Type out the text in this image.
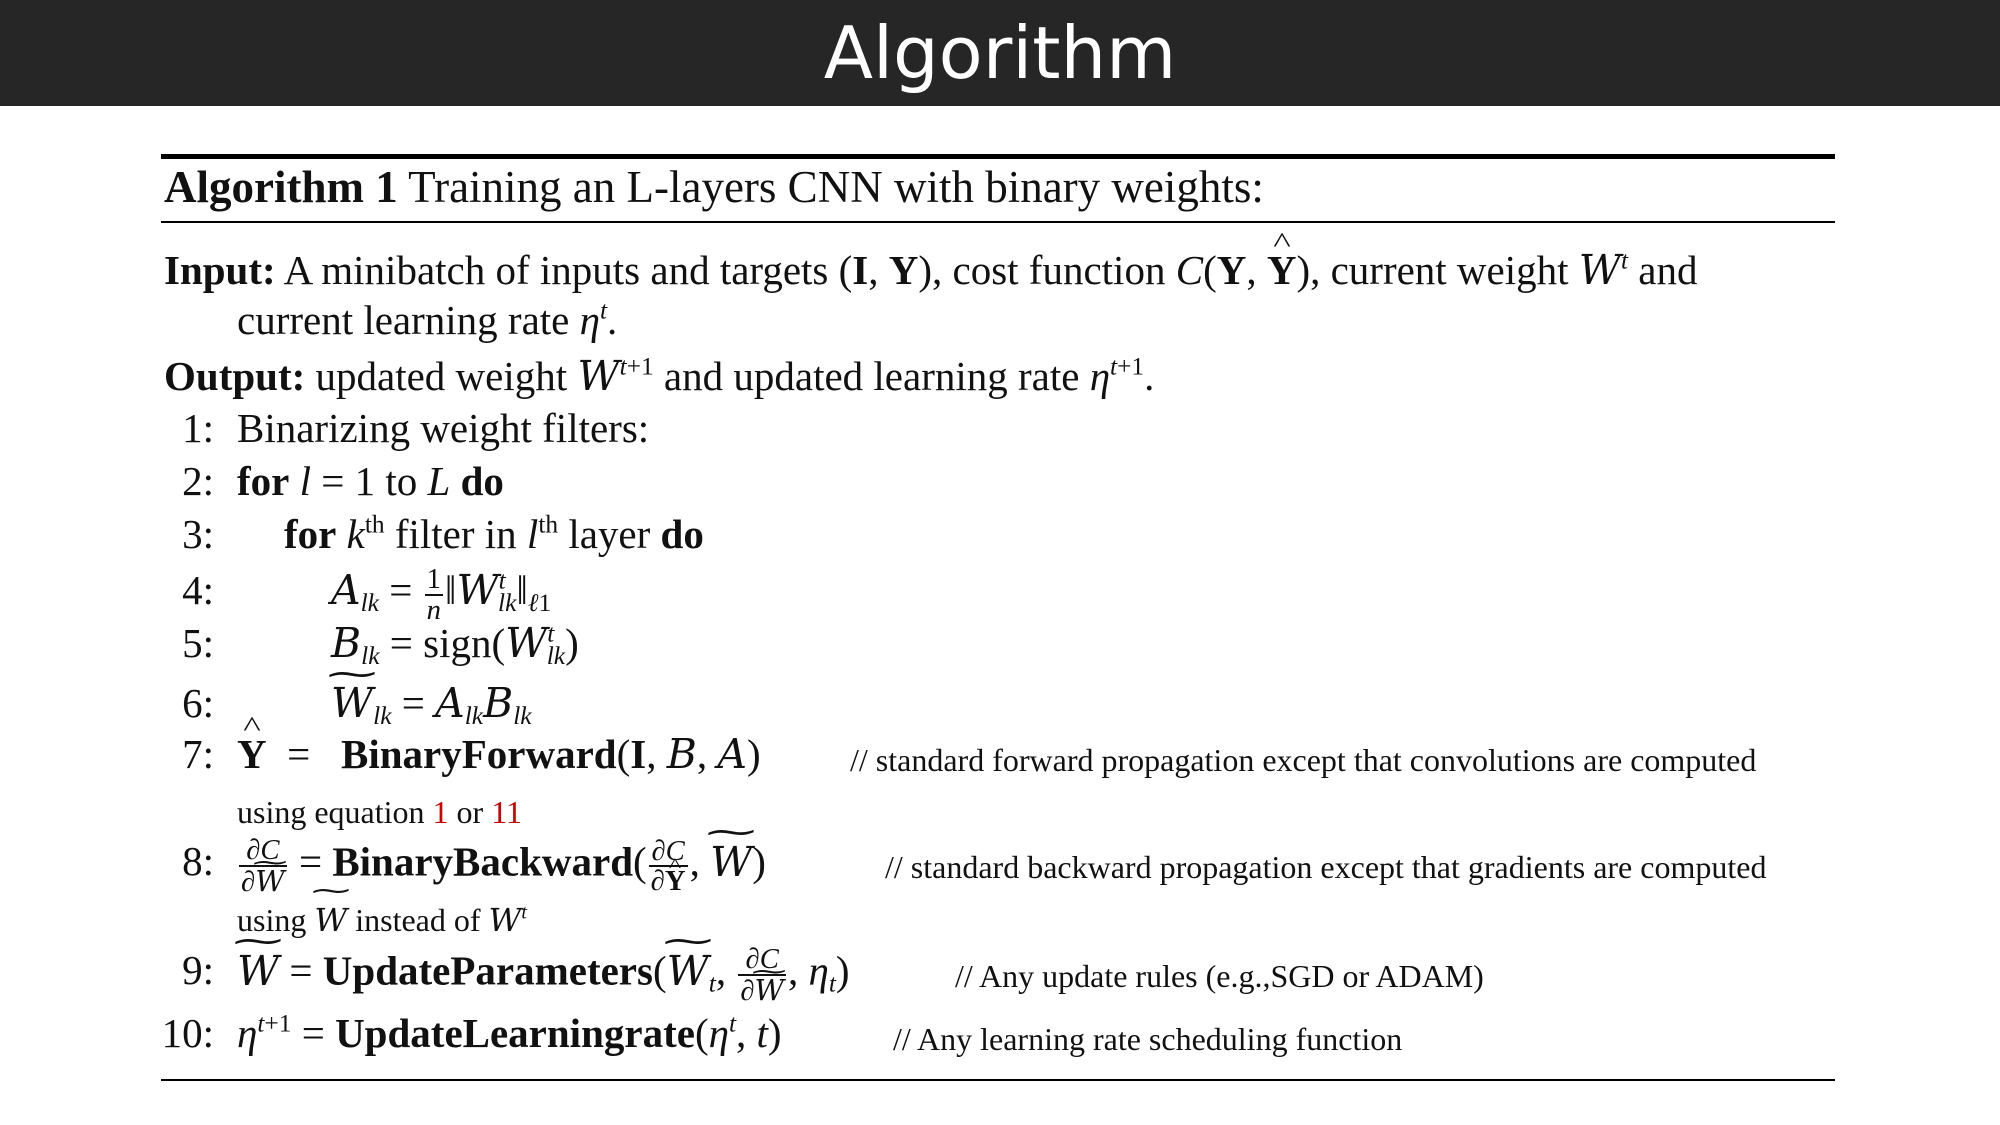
Algorithm
Algorithm 1 Training an L-layers CNN with binary weights:
Input: A minibatch of inputs and targets (I, Y), cost function C(Y, ^ Y), current weight $W^t$ and
current learning rate $\eta^t$.
Output: updated weight $W^{t+1}$ and updated learning rate $\eta^{t+1}$.
1: Binarizing weight filters:
2: for l = 1 to L do
3: for $k^{th}$ filter in $l^{th}$ layer do
4:	$A_{lk} = \frac{1}{n}$ $‖W^t_{lk}‖_{\ell 1}$
5:	$B_{lk}$ = $sign(W^t_{lk})$
6:	~ $W_{lk} = A_{lk}B_{lk}$
7: ^ Y  =   BinaryForward(I, B, A)	// standard forward propagation except that convolutions are computed
using equation 1 or 11
8: $\frac{\partial C}{\partial\sim W}$ = BinaryBackward( $\frac{\partial C}{\partial\^{} Y}$ , ~ W)	// standard backward propagation except that gradients are computed
using ~ W instead of $W^t$
9: ~ W = UpdateParameters(~ $W_t$, $\frac{\partial C}{\partial\sim W}$ , $\eta_t$)	// Any update rules (e.g.,SGD or ADAM)
10: $\eta^{t+1}$ = $UpdateLearningrate(\eta^t$, t)	// Any learning rate scheduling function
